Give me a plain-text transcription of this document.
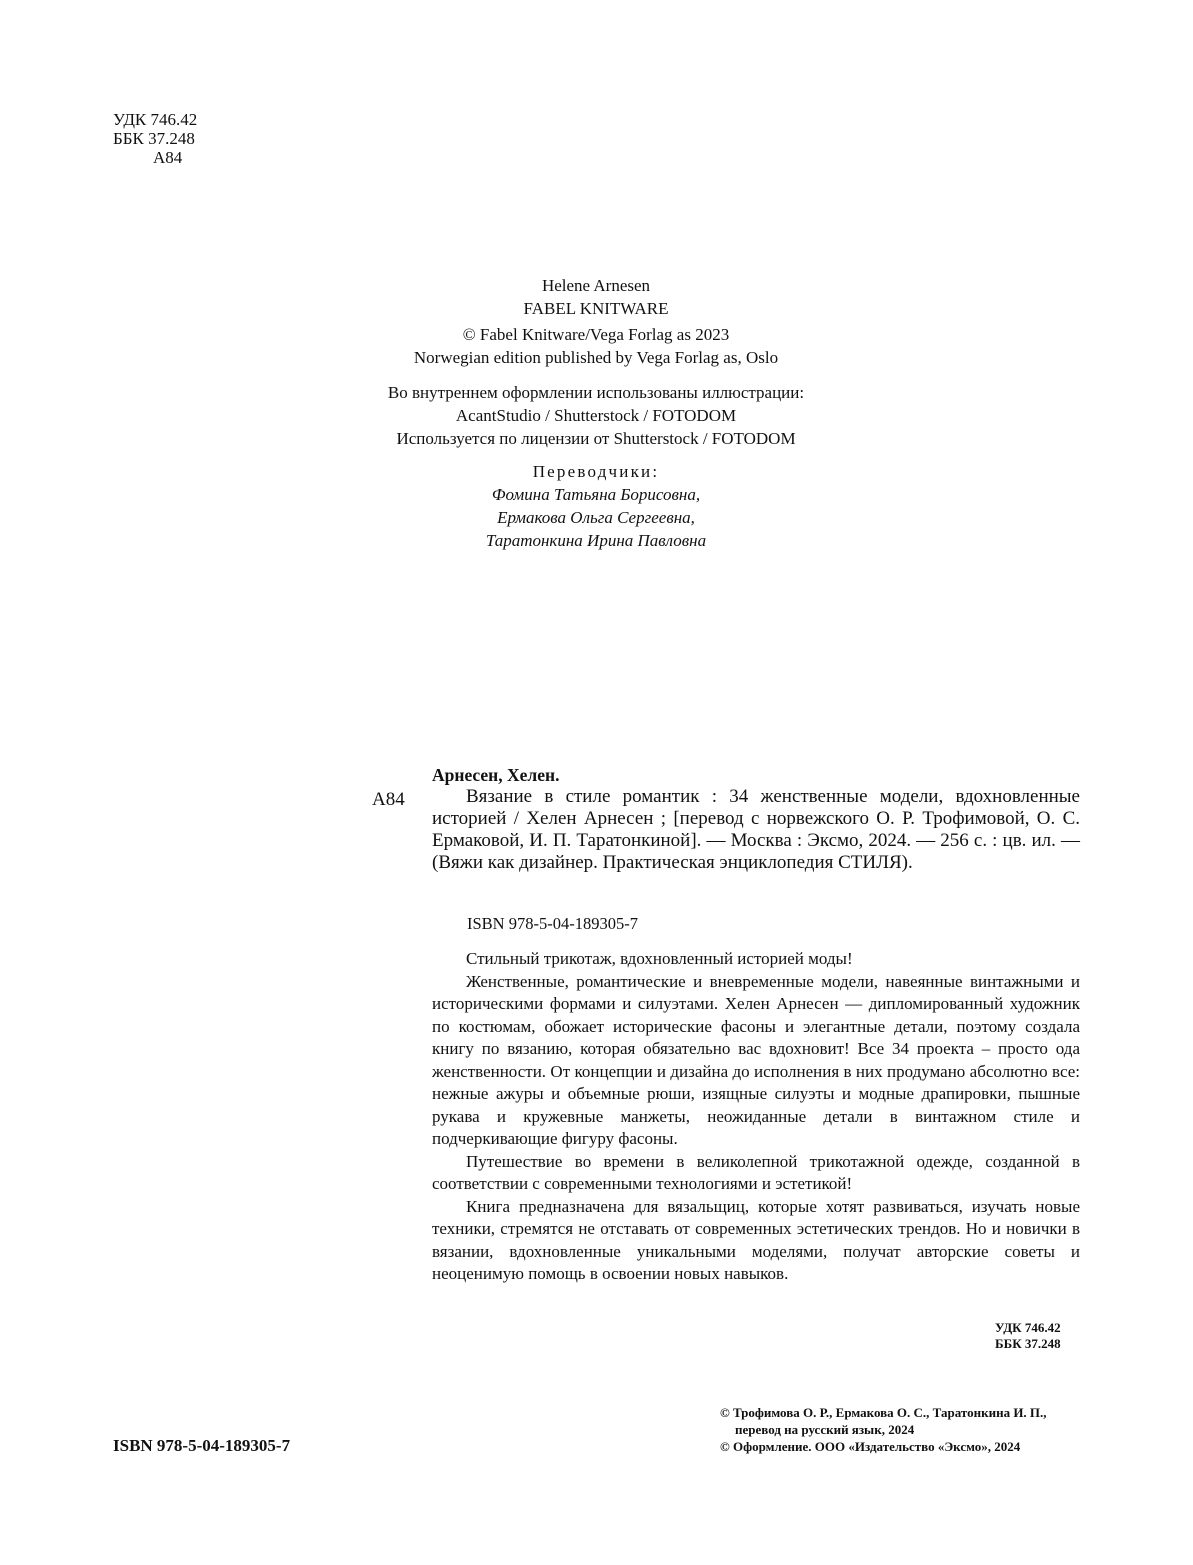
УДК 746.42
ББК 37.248
А84
Helene Arnesen
FABEL KNITWARE
© Fabel Knitware/Vega Forlag as 2023
Norwegian edition published by Vega Forlag as, Oslo
Во внутреннем оформлении использованы иллюстрации:
AcantStudio / Shutterstock / FOTODOM
Используется по лицензии от Shutterstock / FOTODOM
Переводчики:
Фомина Татьяна Борисовна,
Ермакова Ольга Сергеевна,
Таратонкина Ирина Павловна
Арнесен, Хелен.
А84	Вязание в стиле романтик : 34 женственные модели, вдохновленные историей / Хелен Арнесен ; [перевод с норвежского О. Р. Трофимовой, О. С. Ермаковой, И. П. Таратонкиной]. — Москва : Эксмо, 2024. — 256 с. : цв. ил. — (Вяжи как дизайнер. Практическая энциклопедия СТИЛЯ).
ISBN 978-5-04-189305-7

Стильный трикотаж, вдохновленный историей моды!

Женственные, романтические и вневременные модели, навеянные винтажными и историческими формами и силуэтами. Хелен Арнесен — дипломированный художник по костюмам, обожает исторические фасоны и элегантные детали, поэтому создала книгу по вязанию, которая обязательно вас вдохновит! Все 34 проекта – просто ода женственности. От концепции и дизайна до исполнения в них продумано абсолютно все: нежные ажуры и объемные рюши, изящные силуэты и модные драпировки, пышные рукава и кружевные манжеты, неожиданные детали в винтажном стиле и подчеркивающие фигуру фасоны.

Путешествие во времени в великолепной трикотажной одежде, созданной в соответствии с современными технологиями и эстетикой!

Книга предназначена для вязальщиц, которые хотят развиваться, изучать новые техники, стремятся не отставать от современных эстетических трендов. Но и новички в вязании, вдохновленные уникальными моделями, получат авторские советы и неоценимую помощь в освоении новых навыков.

УДК 746.42
ББК 37.248
ISBN 978-5-04-189305-7
© Трофимова О. Р., Ермакова О. С., Таратонкина И. П.,
перевод на русский язык, 2024
© Оформление. ООО «Издательство «Эксмо», 2024
